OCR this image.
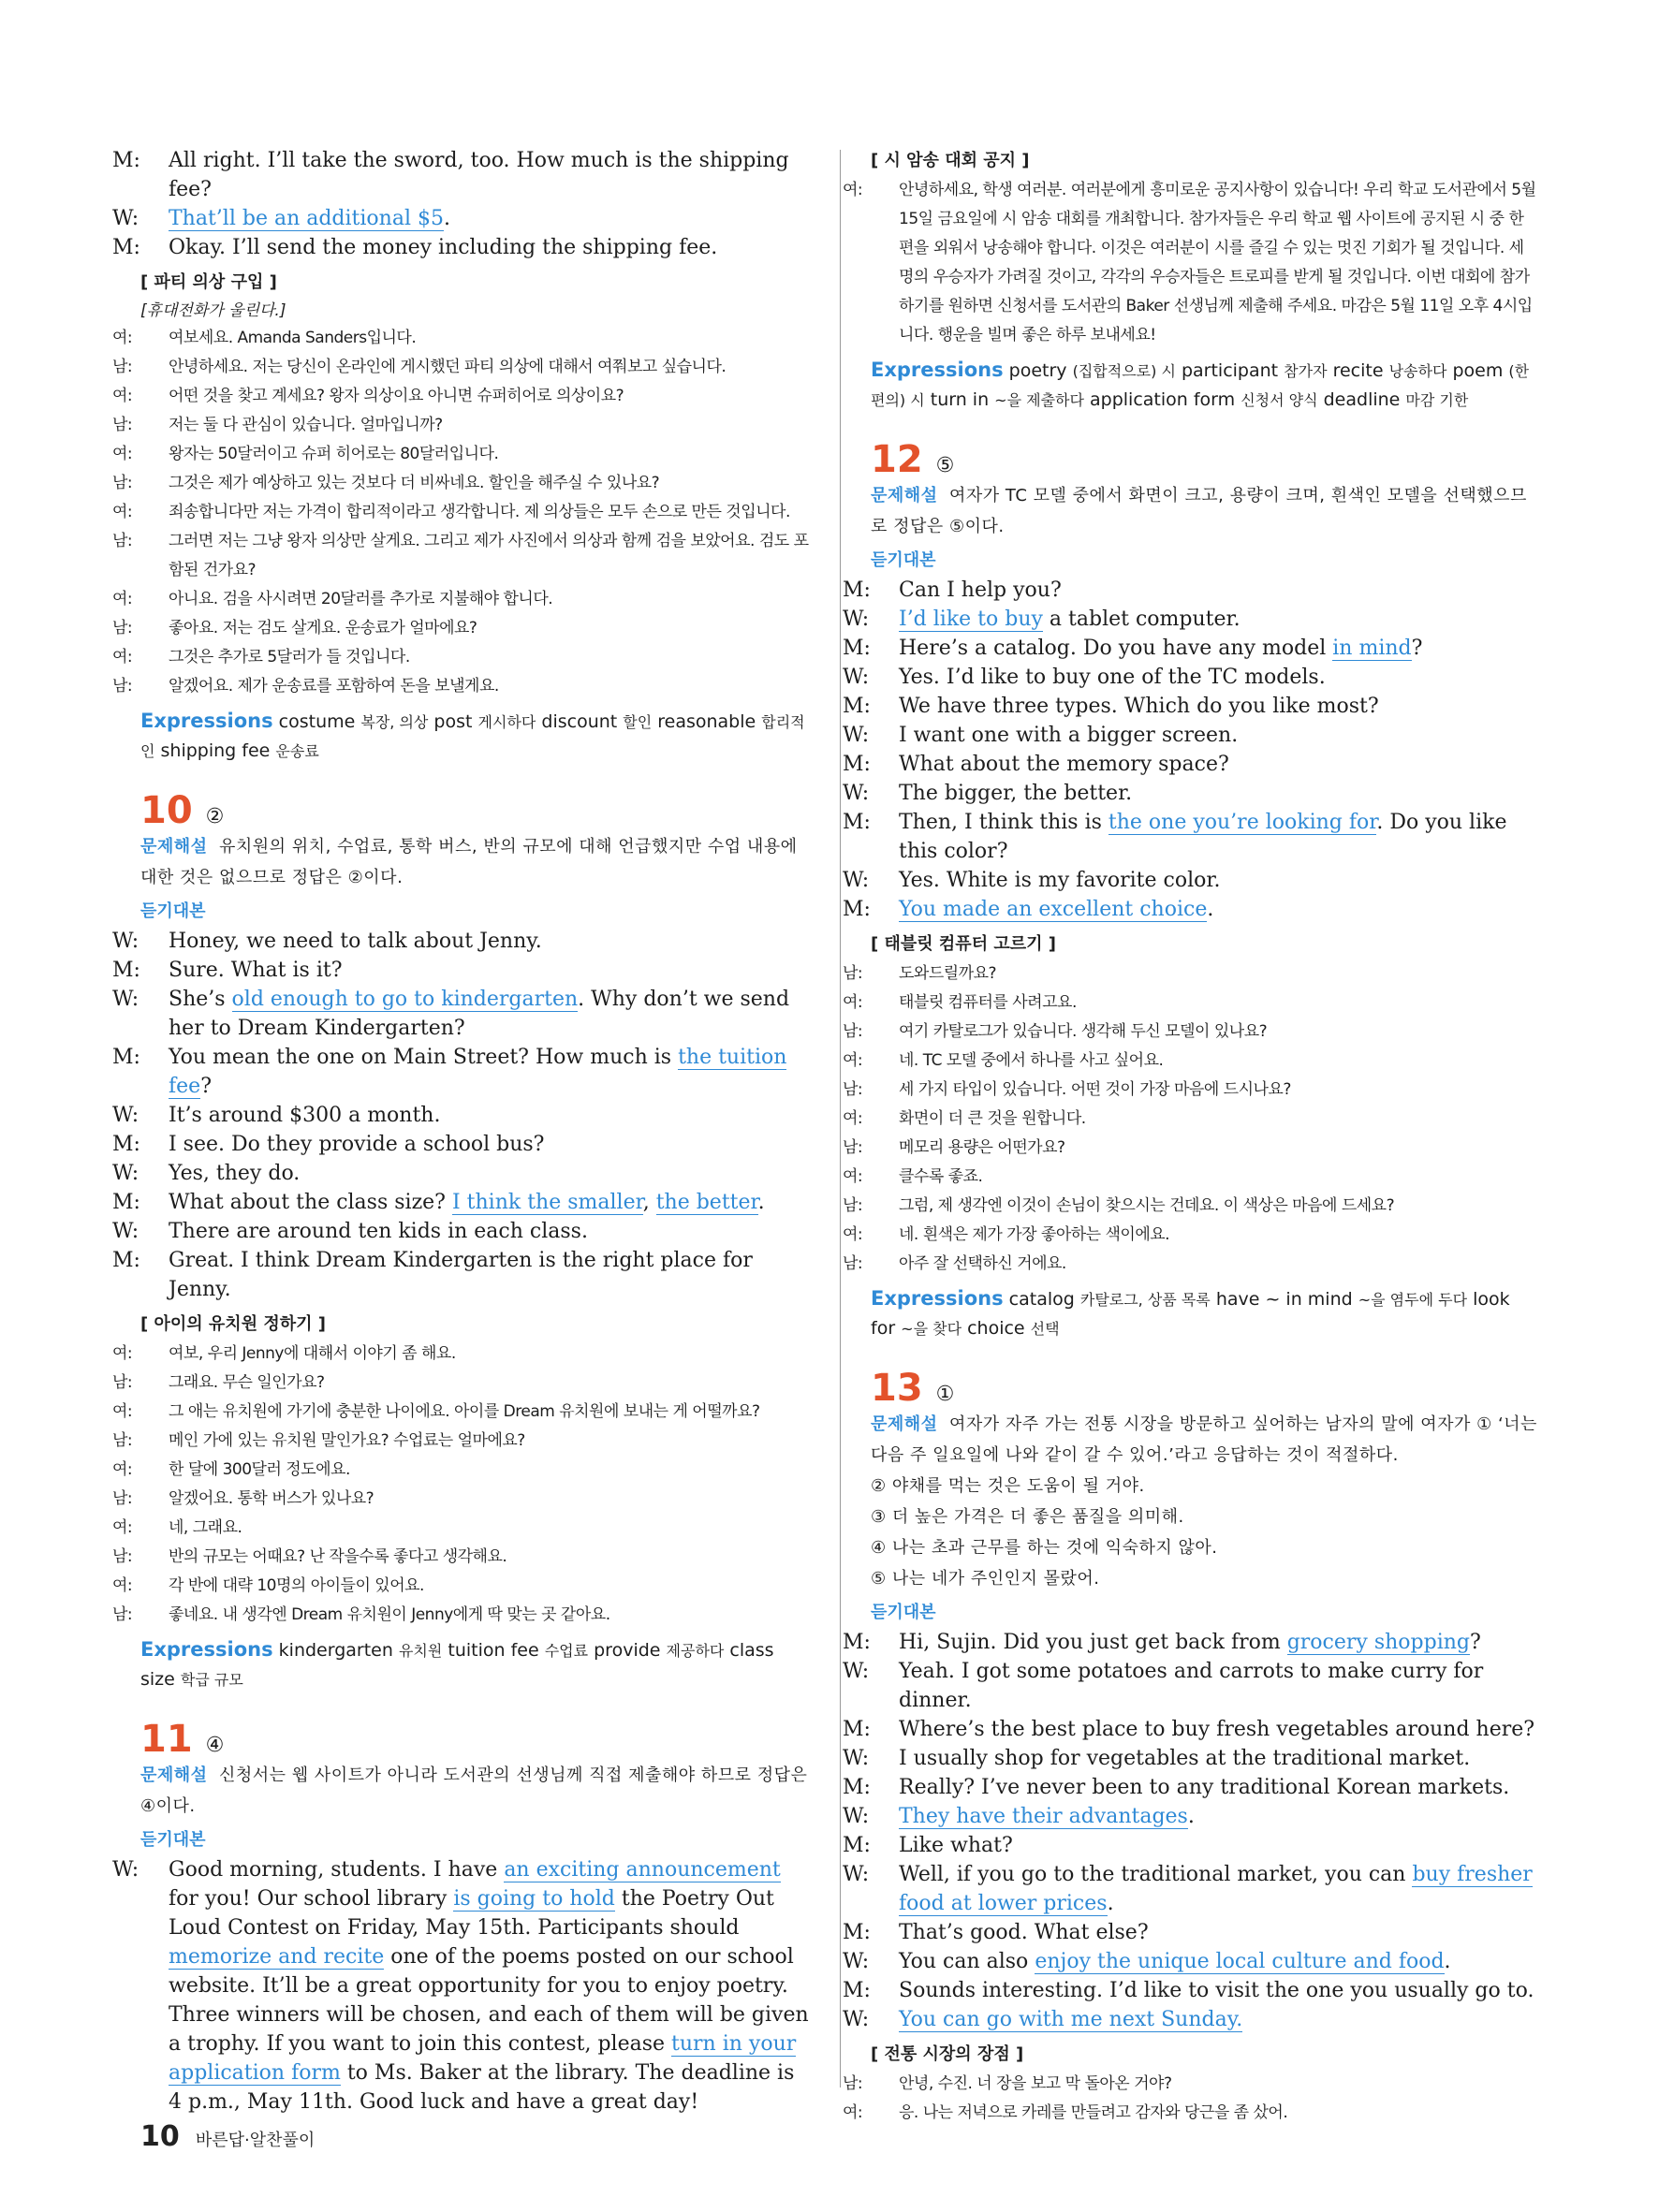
M: All right. I’ll take the sword, too. How much is the shipping fee?
W: That’ll be an additional $5.
M: Okay. I’ll send the money including the shipping fee.
[ 파티 의상 구입 ]
[휴대전화가 울린다.]
여: 여보세요. Amanda Sanders입니다.
남: 안녕하세요. 저는 당신이 온라인에 게시했던 파티 의상에 대해서 여쭤보고 싶습니다.
여: 어떤 것을 찾고 계세요? 왕자 의상이요 아니면 슈퍼히어로 의상이요?
남: 저는 둘 다 관심이 있습니다. 얼마입니까?
여: 왕자는 50달러이고 슈퍼 히어로는 80달러입니다.
남: 그것은 제가 예상하고 있는 것보다 더 비싸네요. 할인을 해주실 수 있나요?
여: 죄송합니다만 저는 가격이 합리적이라고 생각합니다. 제 의상들은 모두 손으로 만든 것입니다.
남: 그러면 저는 그냥 왕자 의상만 살게요. 그리고 제가 사진에서 의상과 함께 검을 보았어요. 검도 포함된 건가요?
여: 아니요. 검을 사시려면 20달러를 추가로 지불해야 합니다.
남: 좋아요. 저는 검도 살게요. 운송료가 얼마에요?
여: 그것은 추가로 5달러가 들 것입니다.
남: 알겠어요. 제가 운송료를 포함하여 돈을 보낼게요.
Expressions costume 복장, 의상 post 게시하다 discount 할인 reasonable 합리적인 shipping fee 운송료
10 ②
문제해설 유치원의 위치, 수업료, 통학 버스, 반의 규모에 대해 언급했지만 수업 내용에 대한 것은 없으므로 정답은 ②이다.
듣기대본
W: Honey, we need to talk about Jenny.
M: Sure. What is it?
W: She’s old enough to go to kindergarten. Why don’t we send her to Dream Kindergarten?
M: You mean the one on Main Street? How much is the tuition fee?
W: It’s around $300 a month.
M: I see. Do they provide a school bus?
W: Yes, they do.
M: What about the class size? I think the smaller, the better.
W: There are around ten kids in each class.
M: Great. I think Dream Kindergarten is the right place for Jenny.
[ 아이의 유치원 정하기 ]
여: 여보, 우리 Jenny에 대해서 이야기 좀 해요.
남: 그래요. 무슨 일인가요?
여: 그 애는 유치원에 가기에 충분한 나이에요. 아이를 Dream 유치원에 보내는 게 어떨까요?
남: 메인 가에 있는 유치원 말인가요? 수업료는 얼마에요?
여: 한 달에 300달러 정도에요.
남: 알겠어요. 통학 버스가 있나요?
여: 네, 그래요.
남: 반의 규모는 어때요? 난 작을수록 좋다고 생각해요.
여: 각 반에 대략 10명의 아이들이 있어요.
남: 좋네요. 내 생각엔 Dream 유치원이 Jenny에게 딱 맞는 곳 같아요.
Expressions kindergarten 유치원 tuition fee 수업료 provide 제공하다 class size 학급 규모
11 ④
문제해설 신청서는 웹 사이트가 아니라 도서관의 선생님께 직접 제출해야 하므로 정답은 ④이다.
듣기대본
W: Good morning, students. I have an exciting announcement for you! Our school library is going to hold the Poetry Out Loud Contest on Friday, May 15th. Participants should memorize and recite one of the poems posted on our school website. It’ll be a great opportunity for you to enjoy poetry. Three winners will be chosen, and each of them will be given a trophy. If you want to join this contest, please turn in your application form to Ms. Baker at the library. The deadline is 4 p.m., May 11th. Good luck and have a great day!
[ 시 암송 대회 공지 ]
여: 안녕하세요, 학생 여러분. 여러분에게 흥미로운 공지사항이 있습니다! 우리 학교 도서관에서 5월 15일 금요일에 시 암송 대회를 개최합니다. 참가자들은 우리 학교 웹 사이트에 공지된 시 중 한 편을 외워서 낭송해야 합니다. 이것은 여러분이 시를 즐길 수 있는 멋진 기회가 될 것입니다. 세 명의 우승자가 가려질 것이고, 각각의 우승자들은 트로피를 받게 될 것입니다. 이번 대회에 참가하기를 원하면 신청서를 도서관의 Baker 선생님께 제출해 주세요. 마감은 5월 11일 오후 4시입니다. 행운을 빌며 좋은 하루 보내세요!
Expressions poetry (집합적으로) 시 participant 참가자 recite 낭송하다 poem (한 편의) 시 turn in ~을 제출하다 application form 신청서 양식 deadline 마감 기한
12 ⑤
문제해설 여자가 TC 모델 중에서 화면이 크고, 용량이 크며, 흰색인 모델을 선택했으므로 정답은 ⑤이다.
듣기대본
M: Can I help you?
W: I’d like to buy a tablet computer.
M: Here’s a catalog. Do you have any model in mind?
W: Yes. I’d like to buy one of the TC models.
M: We have three types. Which do you like most?
W: I want one with a bigger screen.
M: What about the memory space?
W: The bigger, the better.
M: Then, I think this is the one you’re looking for. Do you like this color?
W: Yes. White is my favorite color.
M: You made an excellent choice.
[ 태블릿 컴퓨터 고르기 ]
남: 도와드릴까요?
여: 태블릿 컴퓨터를 사려고요.
남: 여기 카탈로그가 있습니다. 생각해 두신 모델이 있나요?
여: 네. TC 모델 중에서 하나를 사고 싶어요.
남: 세 가지 타입이 있습니다. 어떤 것이 가장 마음에 드시나요?
여: 화면이 더 큰 것을 원합니다.
남: 메모리 용량은 어떤가요?
여: 클수록 좋죠.
남: 그럼, 제 생각엔 이것이 손님이 찾으시는 건데요. 이 색상은 마음에 드세요?
여: 네. 흰색은 제가 가장 좋아하는 색이에요.
남: 아주 잘 선택하신 거에요.
Expressions catalog 카탈로그, 상품 목록 have ~ in mind ~을 염두에 두다 look for ~을 찾다 choice 선택
13 ①
문제해설 여자가 자주 가는 전통 시장을 방문하고 싶어하는 남자의 말에 여자가 ① ‘너는 다음 주 일요일에 나와 같이 갈 수 있어.’라고 응답하는 것이 적절하다.
② 야채를 먹는 것은 도움이 될 거야.
③ 더 높은 가격은 더 좋은 품질을 의미해.
④ 나는 초과 근무를 하는 것에 익숙하지 않아.
⑤ 나는 네가 주인인지 몰랐어.
듣기대본
M: Hi, Sujin. Did you just get back from grocery shopping?
W: Yeah. I got some potatoes and carrots to make curry for dinner.
M: Where’s the best place to buy fresh vegetables around here?
W: I usually shop for vegetables at the traditional market.
M: Really? I’ve never been to any traditional Korean markets.
W: They have their advantages.
M: Like what?
W: Well, if you go to the traditional market, you can buy fresher food at lower prices.
M: That’s good. What else?
W: You can also enjoy the unique local culture and food.
M: Sounds interesting. I’d like to visit the one you usually go to.
W: You can go with me next Sunday.
[ 전통 시장의 장점 ]
남: 안녕, 수진. 너 장을 보고 막 돌아온 거야?
여: 응. 나는 저녁으로 카레를 만들려고 감자와 당근을 좀 샀어.
10 바른답·알찬풀이
